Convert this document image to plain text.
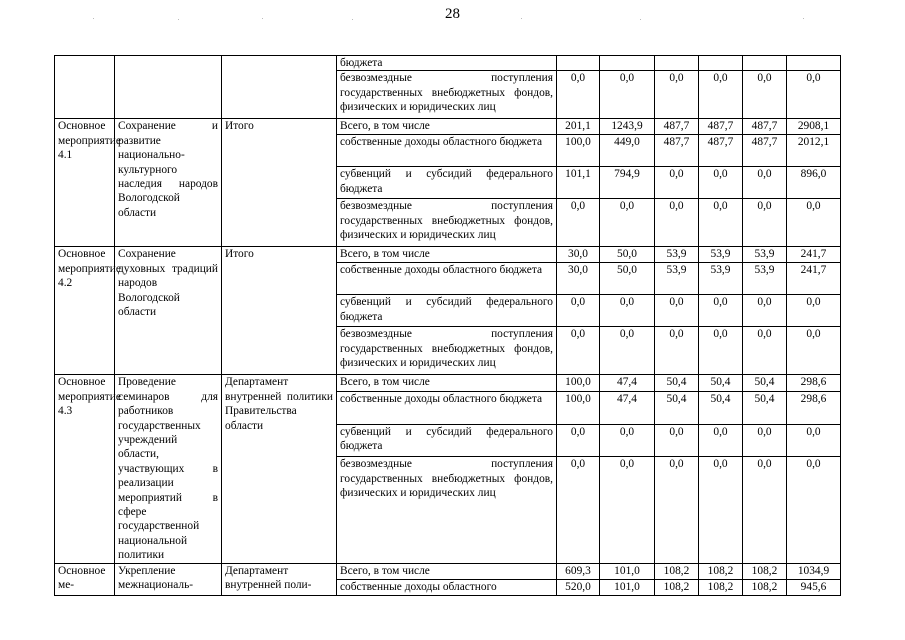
28
			бюджета						
			безвозмездные поступления государственных внебюджетных фондов, физических и юридических лиц	0,0	0,0	0,0	0,0	0,0	0,0
Основное мероприятие 4.1	Сохранение и развитие национально-культурного наследия народов Вологодской области	Итого	Всего, в том числе	201,1	1243,9	487,7	487,7	487,7	2908,1
			собственные доходы областного бюджета	100,0	449,0	487,7	487,7	487,7	2012,1
			субвенций и субсидий федерального бюджета	101,1	794,9	0,0	0,0	0,0	896,0
			безвозмездные поступления государственных внебюджетных фондов, физических и юридических лиц	0,0	0,0	0,0	0,0	0,0	0,0
Основное мероприятие 4.2	Сохранение духовных традиций народов Вологодской области	Итого	Всего, в том числе	30,0	50,0	53,9	53,9	53,9	241,7
			собственные доходы областного бюджета	30,0	50,0	53,9	53,9	53,9	241,7
			субвенций и субсидий федерального бюджета	0,0	0,0	0,0	0,0	0,0	0,0
			безвозмездные поступления государственных внебюджетных фондов, физических и юридических лиц	0,0	0,0	0,0	0,0	0,0	0,0
Основное мероприятие 4.3	Проведение семинаров для работников государственных учреждений области, участвующих в реализации мероприятий в сфере государственной национальной политики	Департамент внутренней политики Правительства области	Всего, в том числе	100,0	47,4	50,4	50,4	50,4	298,6
			собственные доходы областного бюджета	100,0	47,4	50,4	50,4	50,4	298,6
			субвенций и субсидий федерального бюджета	0,0	0,0	0,0	0,0	0,0	0,0
			безвозмездные поступления государственных внебюджетных фондов, физических и юридических лиц	0,0	0,0	0,0	0,0	0,0	0,0
Основное ме-	Укрепление межнациональ-	Департамент внутренней поли-	Всего, в том числе	609,3	101,0	108,2	108,2	108,2	1034,9
			собственные доходы областного	520,0	101,0	108,2	108,2	108,2	945,6
